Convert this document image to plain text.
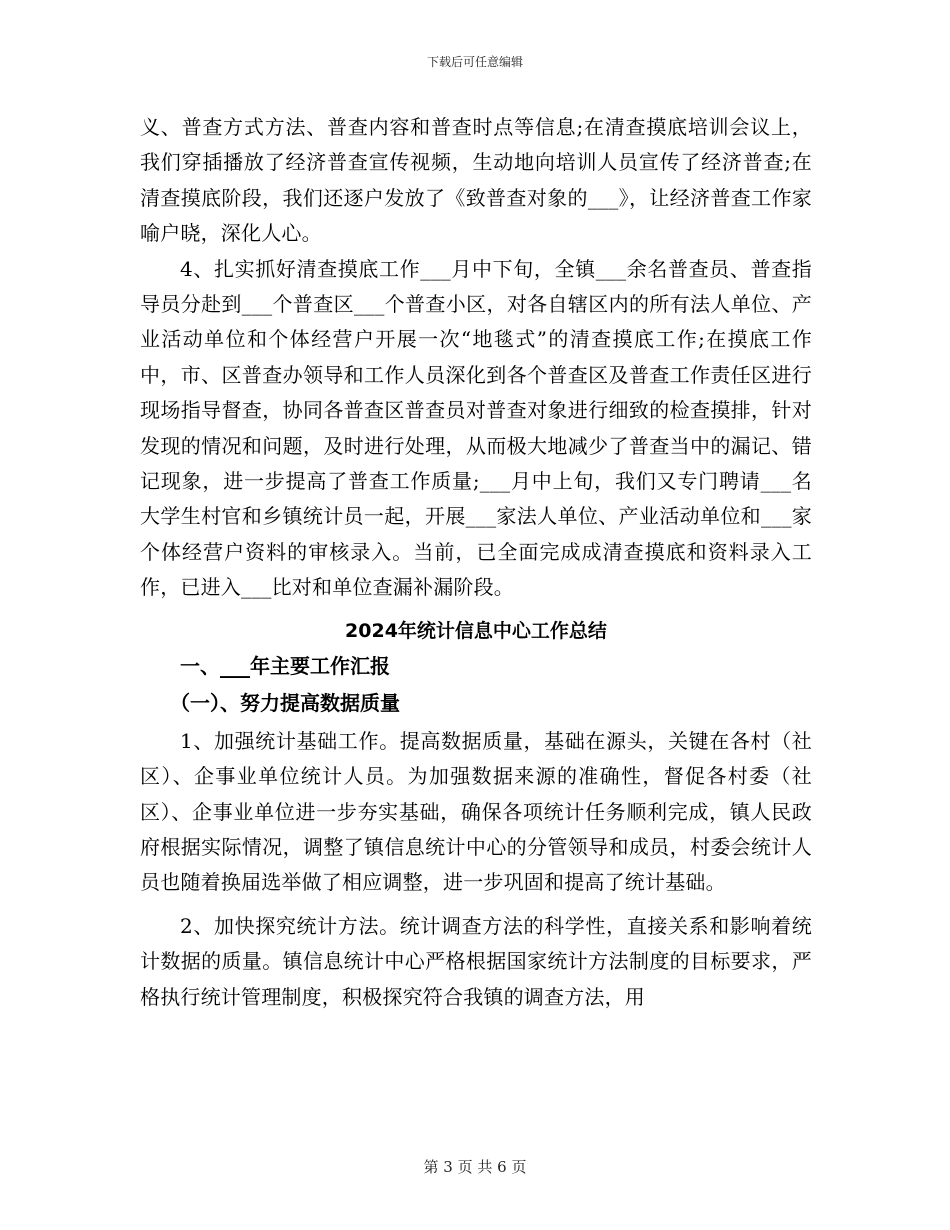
下载后可任意编辑

义、普查方式方法、普查内容和普查时点等信息;在清查摸底培训会议上，我们穿插播放了经济普查宣传视频，生动地向培训人员宣传了经济普查;在清查摸底阶段，我们还逐户发放了《致普查对象的___》，让经济普查工作家喻户晓，深化人心。

4、扎实抓好清查摸底工作___月中下旬，全镇___余名普查员、普查指导员分赴到___个普查区___个普查小区，对各自辖区内的所有法人单位、产业活动单位和个体经营户开展一次“地毯式”的清查摸底工作;在摸底工作中，市、区普查办领导和工作人员深化到各个普查区及普查工作责任区进行现场指导督查，协同各普查区普查员对普查对象进行细致的检查摸排，针对发现的情况和问题，及时进行处理，从而极大地减少了普查当中的漏记、错记现象，进一步提高了普查工作质量;___月中上旬，我们又专门聘请___名大学生村官和乡镇统计员一起，开展___家法人单位、产业活动单位和___家个体经营户资料的审核录入。当前，已全面完成成清查摸底和资料录入工作，已进入___比对和单位查漏补漏阶段。

2024年统计信息中心工作总结
一、___年主要工作汇报
（一）、努力提高数据质量

1、加强统计基础工作。提高数据质量，基础在源头，关键在各村（社区）、企事业单位统计人员。为加强数据来源的准确性，督促各村委（社区）、企事业单位进一步夯实基础，确保各项统计任务顺利完成，镇人民政府根据实际情况，调整了镇信息统计中心的分管领导和成员，村委会统计人员也随着换届选举做了相应调整，进一步巩固和提高了统计基础。

2、加快探究统计方法。统计调查方法的科学性，直接关系和影响着统计数据的质量。镇信息统计中心严格根据国家统计方法制度的目标要求，严格执行统计管理制度，积极探究符合我镇的调查方法，用

第 3 页 共 6 页
